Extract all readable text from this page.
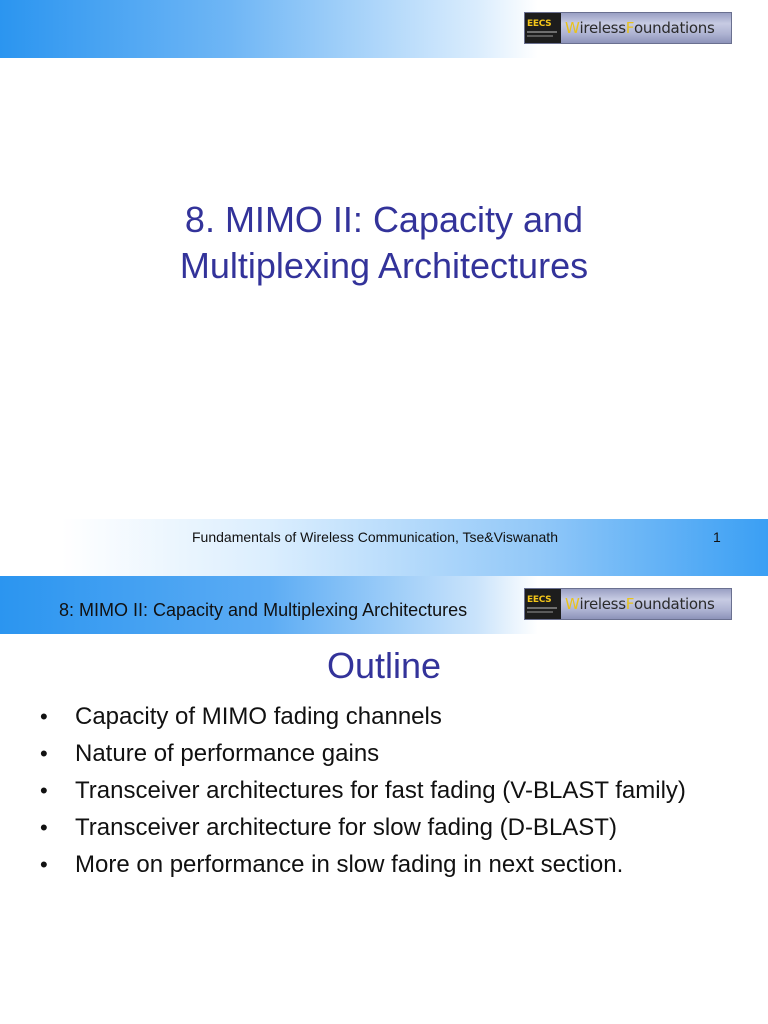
EECS W ireless F oundations
8. MIMO II: Capacity and
Multiplexing Architectures
Fundamentals of Wireless Communication, Tse&Viswanath	1
8: MIMO II: Capacity and Multiplexing Architectures	EECS W ireless F oundations
Outline
• Capacity of MIMO fading channels
• Nature of performance gains
• Transceiver architectures for fast fading (V-BLAST family)
• Transceiver architecture for slow fading (D-BLAST)
• More on performance in slow fading in next section.
